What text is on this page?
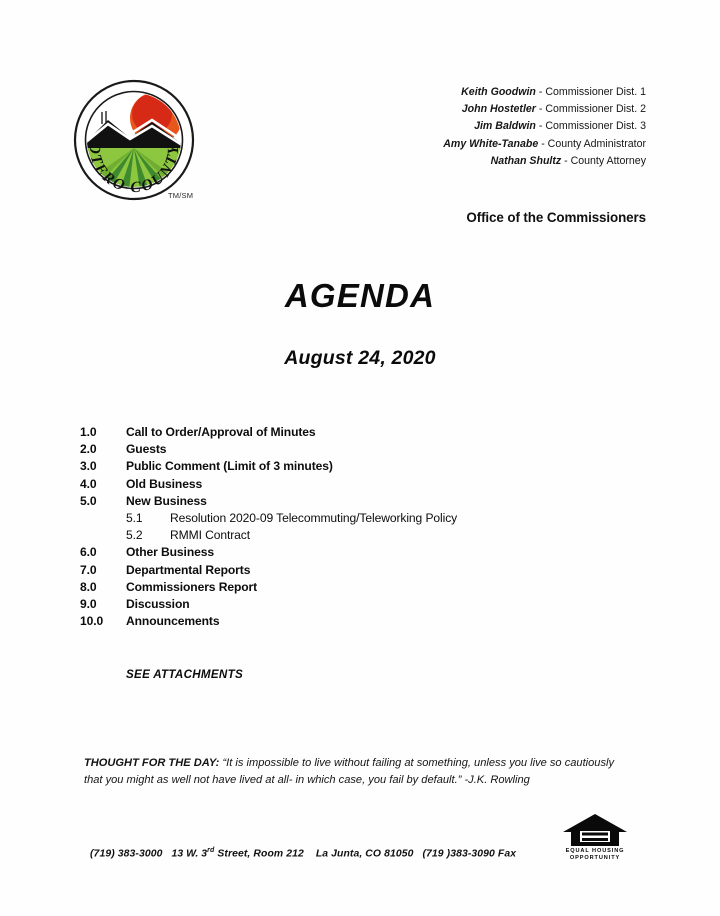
OTERO COUNTY
TM/SM
Keith Goodwin - Commissioner Dist. 1
John Hostetler - Commissioner Dist. 2
Jim Baldwin - Commissioner Dist. 3
Amy White-Tanabe - County Administrator
Nathan Shultz - County Attorney
Office of the Commissioners
AGENDA
August 24, 2020
1.0 Call to Order/Approval of Minutes
2.0 Guests
3.0 Public Comment (Limit of 3 minutes)
4.0 Old Business
5.0 New Business
5.1 Resolution 2020-09 Telecommuting/Teleworking Policy
5.2 RMMI Contract
6.0 Other Business
7.0 Departmental Reports
8.0 Commissioners Report
9.0 Discussion
10.0 Announcements
SEE ATTACHMENTS
THOUGHT FOR THE DAY: “It is impossible to live without failing at something, unless you live so cautiously that you might as well not have lived at all- in which case, you fail by default.” -J.K. Rowling
(719) 383-3000 13 W. 3rd Street, Room 212 La Junta, CO 81050 (719 )383-3090 Fax	EQUAL HOUSING
OPPORTUNITY
